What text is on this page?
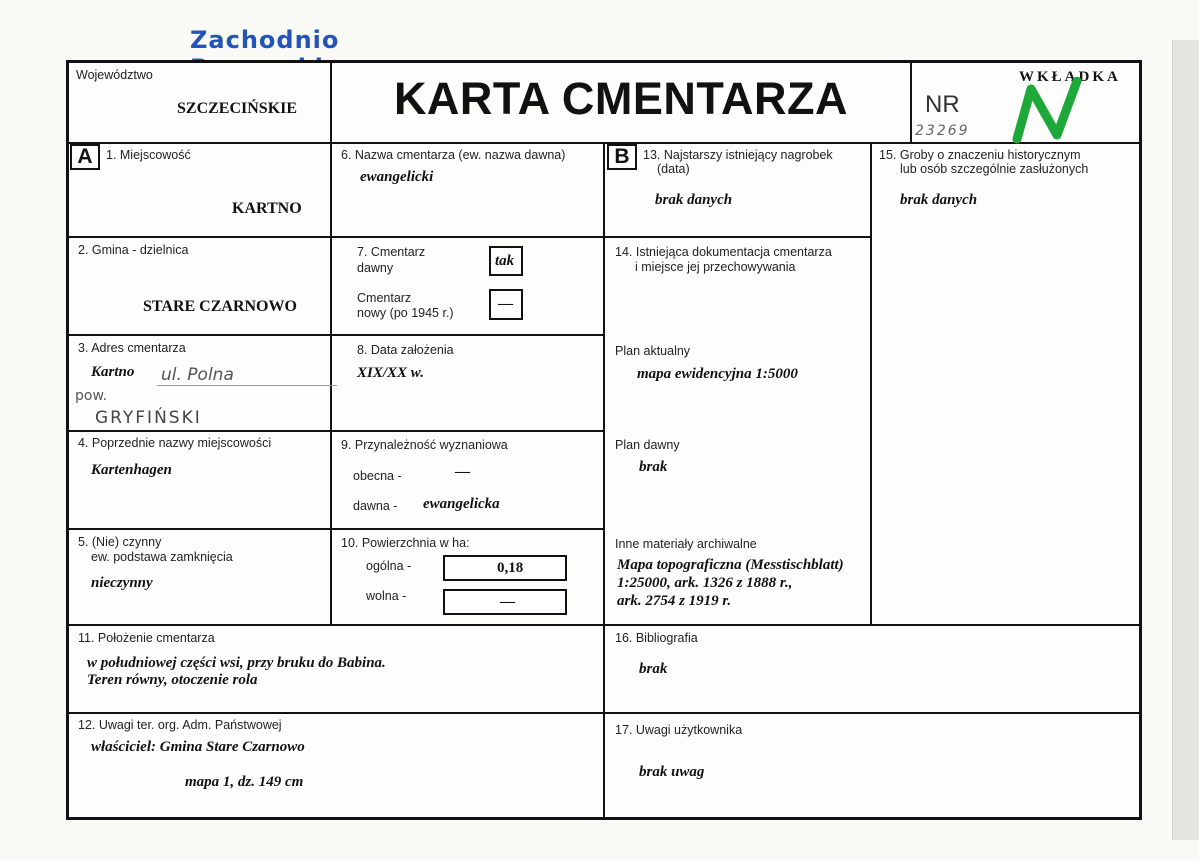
Zachodnio
Województwo
SZCZECIŃSKIE	KARTA CMENTARZA	NR
WKŁADKA
23269
A	1. Miejscowość
KARTNO
2. Gmina - dzielnica
STARE CZARNOWO
3. Adres cmentarza
Kartno ul. Polna
pow.
GRYFIŃSKI
4. Poprzednie nazwy miejscowości
Kartenhagen
5. (Nie) czynny
ew. podstawa zamknięcia
nieczynny
6. Nazwa cmentarza (ew. nazwa dawna)
ewangelicki
7. Cmentarz
dawny	tak
Cmentarz
nowy (po 1945 r.)
—
8. Data założenia
XIX/XX w.
9. Przynależność wyznaniowa
obecna -	—
dawna - ewangelicka
10. Powierzchnia w ha:
ogólna -	0,18
wolna -	—
B	13. Najstarszy istniejący nagrobek
(data)
brak danych
14. Istniejąca dokumentacja cmentarza
i miejsce jej przechowywania
Plan aktualny
mapa ewidencyjna 1:5000
Plan dawny
brak
Inne materiały archiwalne
Mapa topograficzna (Messtischblatt)
1:25000, ark. 1326 z 1888 r.,
ark. 2754 z 1919 r.
15. Groby o znaczeniu historycznym
lub osób szczególnie zasłużonych
brak danych
11. Położenie cmentarza
w południowej części wsi, przy bruku do Babina.
Teren równy, otoczenie rola
16. Bibliografia
brak
12. Uwagi ter. org. Adm. Państwowej
właściciel: Gmina Stare Czarnowo
mapa 1, dz. 149 cm
17. Uwagi użytkownika
brak uwag
